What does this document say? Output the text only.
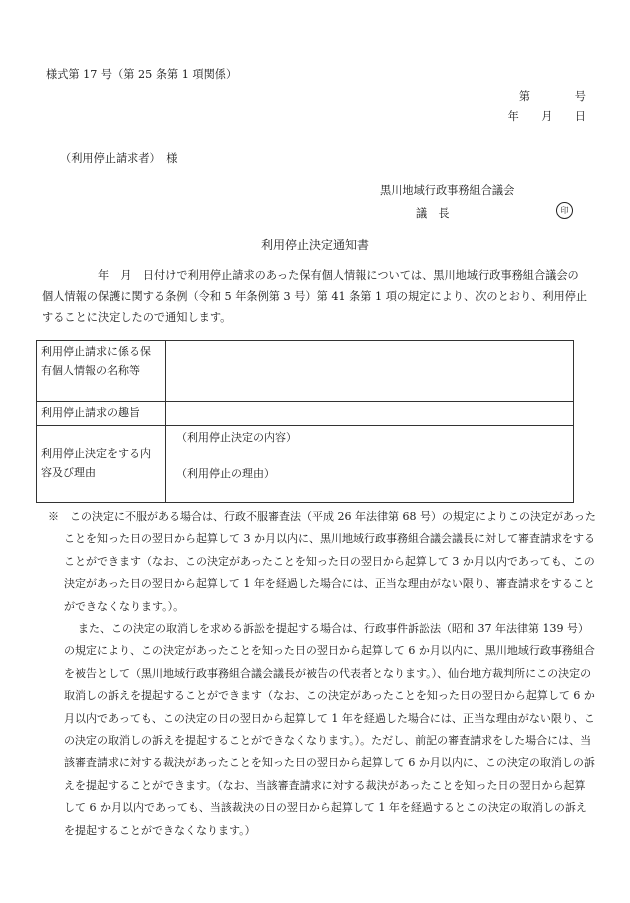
様式第 17 号（第 25 条第 1 項関係）
第　　　　号
年　　月　　日
（利用停止請求者）　様
黒川地域行政事務組合議会
議　長	印
利用停止決定通知書

年　月　日付けで利用停止請求のあった保有個人情報については、黒川地域行政事務組合議会の個人情報の保護に関する条例（令和 5 年条例第 3 号）第 41 条第 1 項の規定により、次のとおり、利用停止することに決定したので通知します。

利用停止請求に係る保有個人情報の名称等	
利用停止請求の趣旨	
利用停止決定をする内容及び理由	（利用停止決定の内容）
（利用停止の理由）

※　この決定に不服がある場合は、行政不服審査法（平成 26 年法律第 68 号）の規定によりこの決定があったことを知った日の翌日から起算して 3 か月以内に、黒川地域行政事務組合議会議長に対して審査請求をすることができます（なお、この決定があったことを知った日の翌日から起算して 3 か月以内であっても、この決定があった日の翌日から起算して 1 年を経過した場合には、正当な理由がない限り、審査請求をすることができなくなります。）。

また、この決定の取消しを求める訴訟を提起する場合は、行政事件訴訟法（昭和 37 年法律第 139 号）の規定により、この決定があったことを知った日の翌日から起算して 6 か月以内に、黒川地域行政事務組合を被告として（黒川地域行政事務組合議会議長が被告の代表者となります。）、仙台地方裁判所にこの決定の取消しの訴えを提起することができます（なお、この決定があったことを知った日の翌日から起算して 6 か月以内であっても、この決定の日の翌日から起算して 1 年を経過した場合には、正当な理由がない限り、この決定の取消しの訴えを提起することができなくなります。）。ただし、前記の審査請求をした場合には、当該審査請求に対する裁決があったことを知った日の翌日から起算して 6 か月以内に、この決定の取消しの訴えを提起することができます。（なお、当該審査請求に対する裁決があったことを知った日の翌日から起算して 6 か月以内であっても、当該裁決の日の翌日から起算して 1 年を経過するとこの決定の取消しの訴えを提起することができなくなります。）
